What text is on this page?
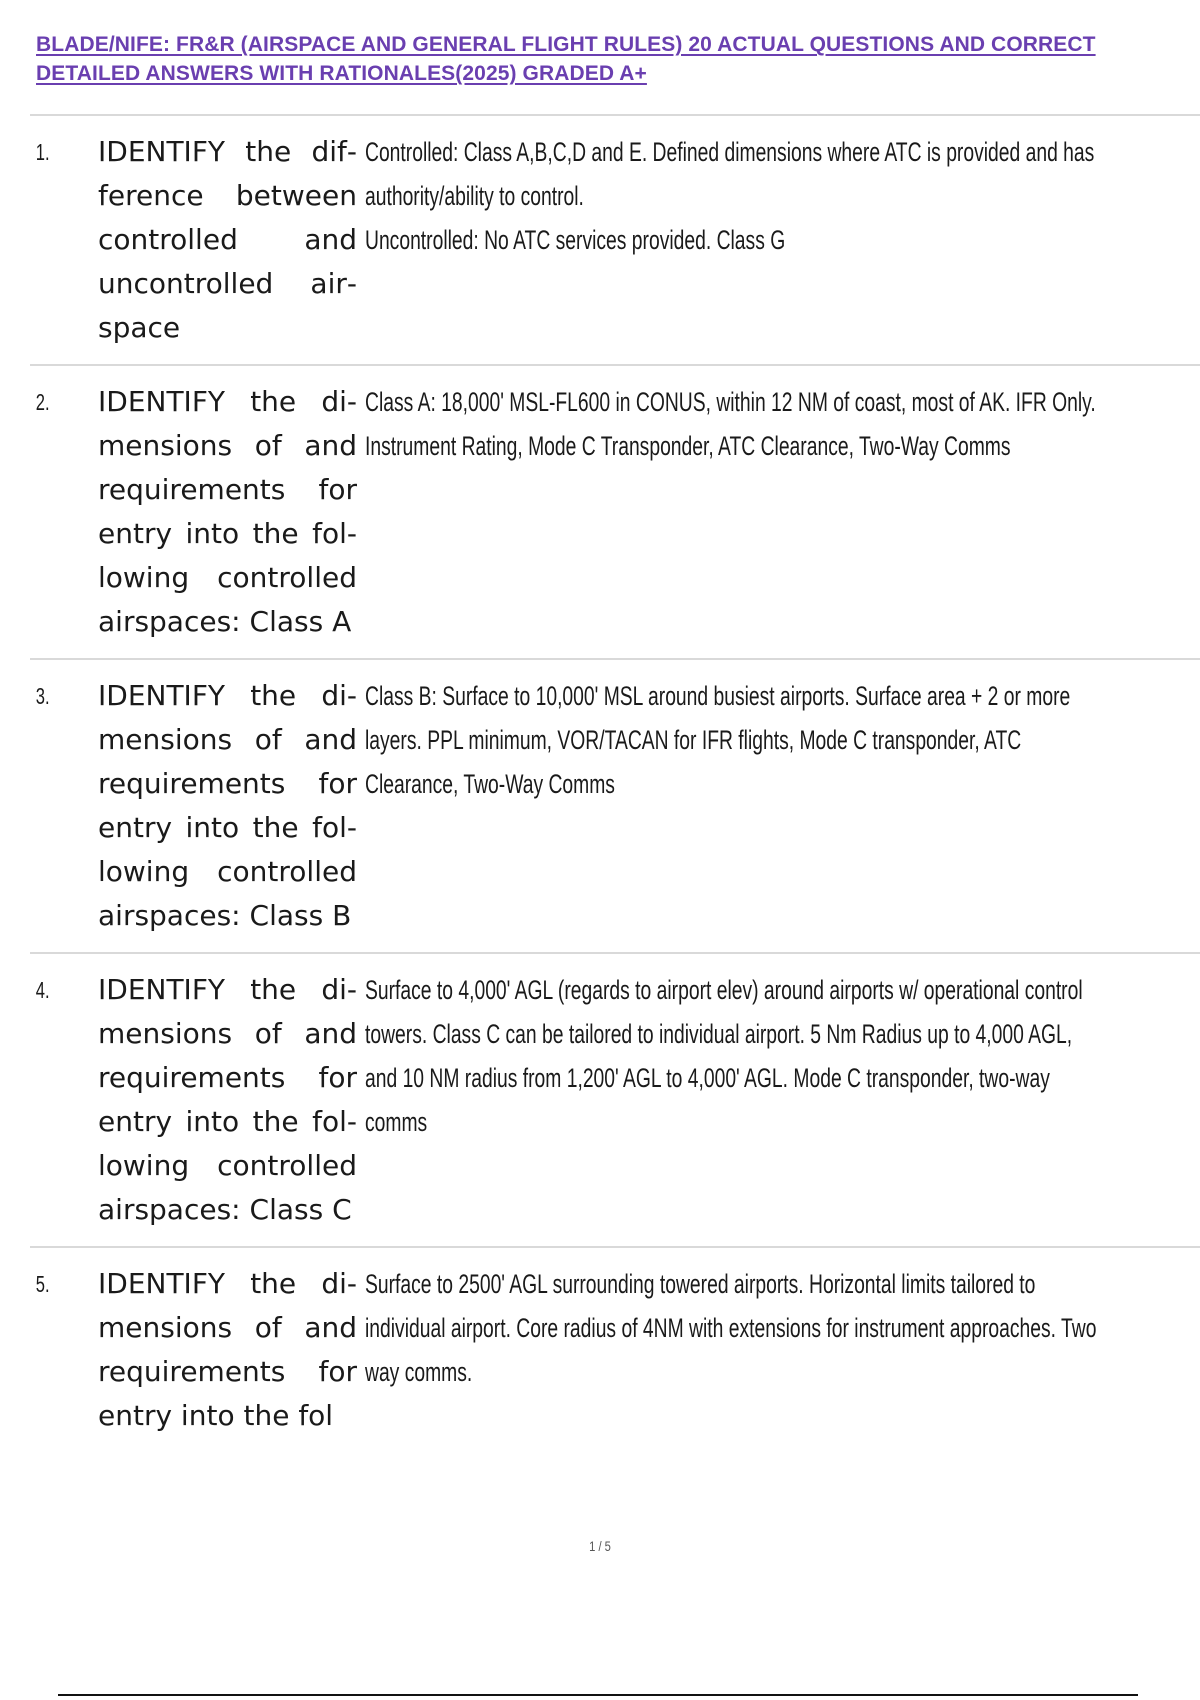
BLADE/NIFE: FR&R (AIRSPACE AND GENERAL FLIGHT RULES) 20 ACTUAL QUESTIONS AND CORRECT DETAILED ANSWERS WITH RATIONALES(2025) GRADED A+
1.	IDENTIFY the difference between controlled and uncontrolled airspace
Controlled: Class A,B,C,D and E. Defined dimensions where ATC is provided and has authority/ability to control.
Uncontrolled: No ATC services provided. Class G
2.	IDENTIFY the dimensions of and requirements for entry into the following controlled airspaces: Class A
Class A: 18,000' MSL-FL600 in CONUS, within 12 NM of coast, most of AK. IFR Only. Instrument Rating, Mode C Transponder, ATC Clearance, Two-Way Comms
3.	IDENTIFY the dimensions of and requirements for entry into the following controlled airspaces: Class B
Class B: Surface to 10,000' MSL around busiest airports. Surface area + 2 or more layers. PPL minimum, VOR/TACAN for IFR flights, Mode C transponder, ATC Clearance, Two-Way Comms
4.	IDENTIFY the dimensions of and requirements for entry into the following controlled airspaces: Class C
Surface to 4,000' AGL (regards to airport elev) around airports w/ operational control towers. Class C can be tailored to individual airport. 5 Nm Radius up to 4,000 AGL, and 10 NM radius from 1,200' AGL to 4,000' AGL. Mode C transponder, two-way comms
5.	IDENTIFY the dimensions of and requirements for entry into the fol
Surface to 2500' AGL surrounding towered airports. Horizontal limits tailored to individual airport. Core radius of 4NM with extensions for instrument approaches. Two way comms.
1 / 5
